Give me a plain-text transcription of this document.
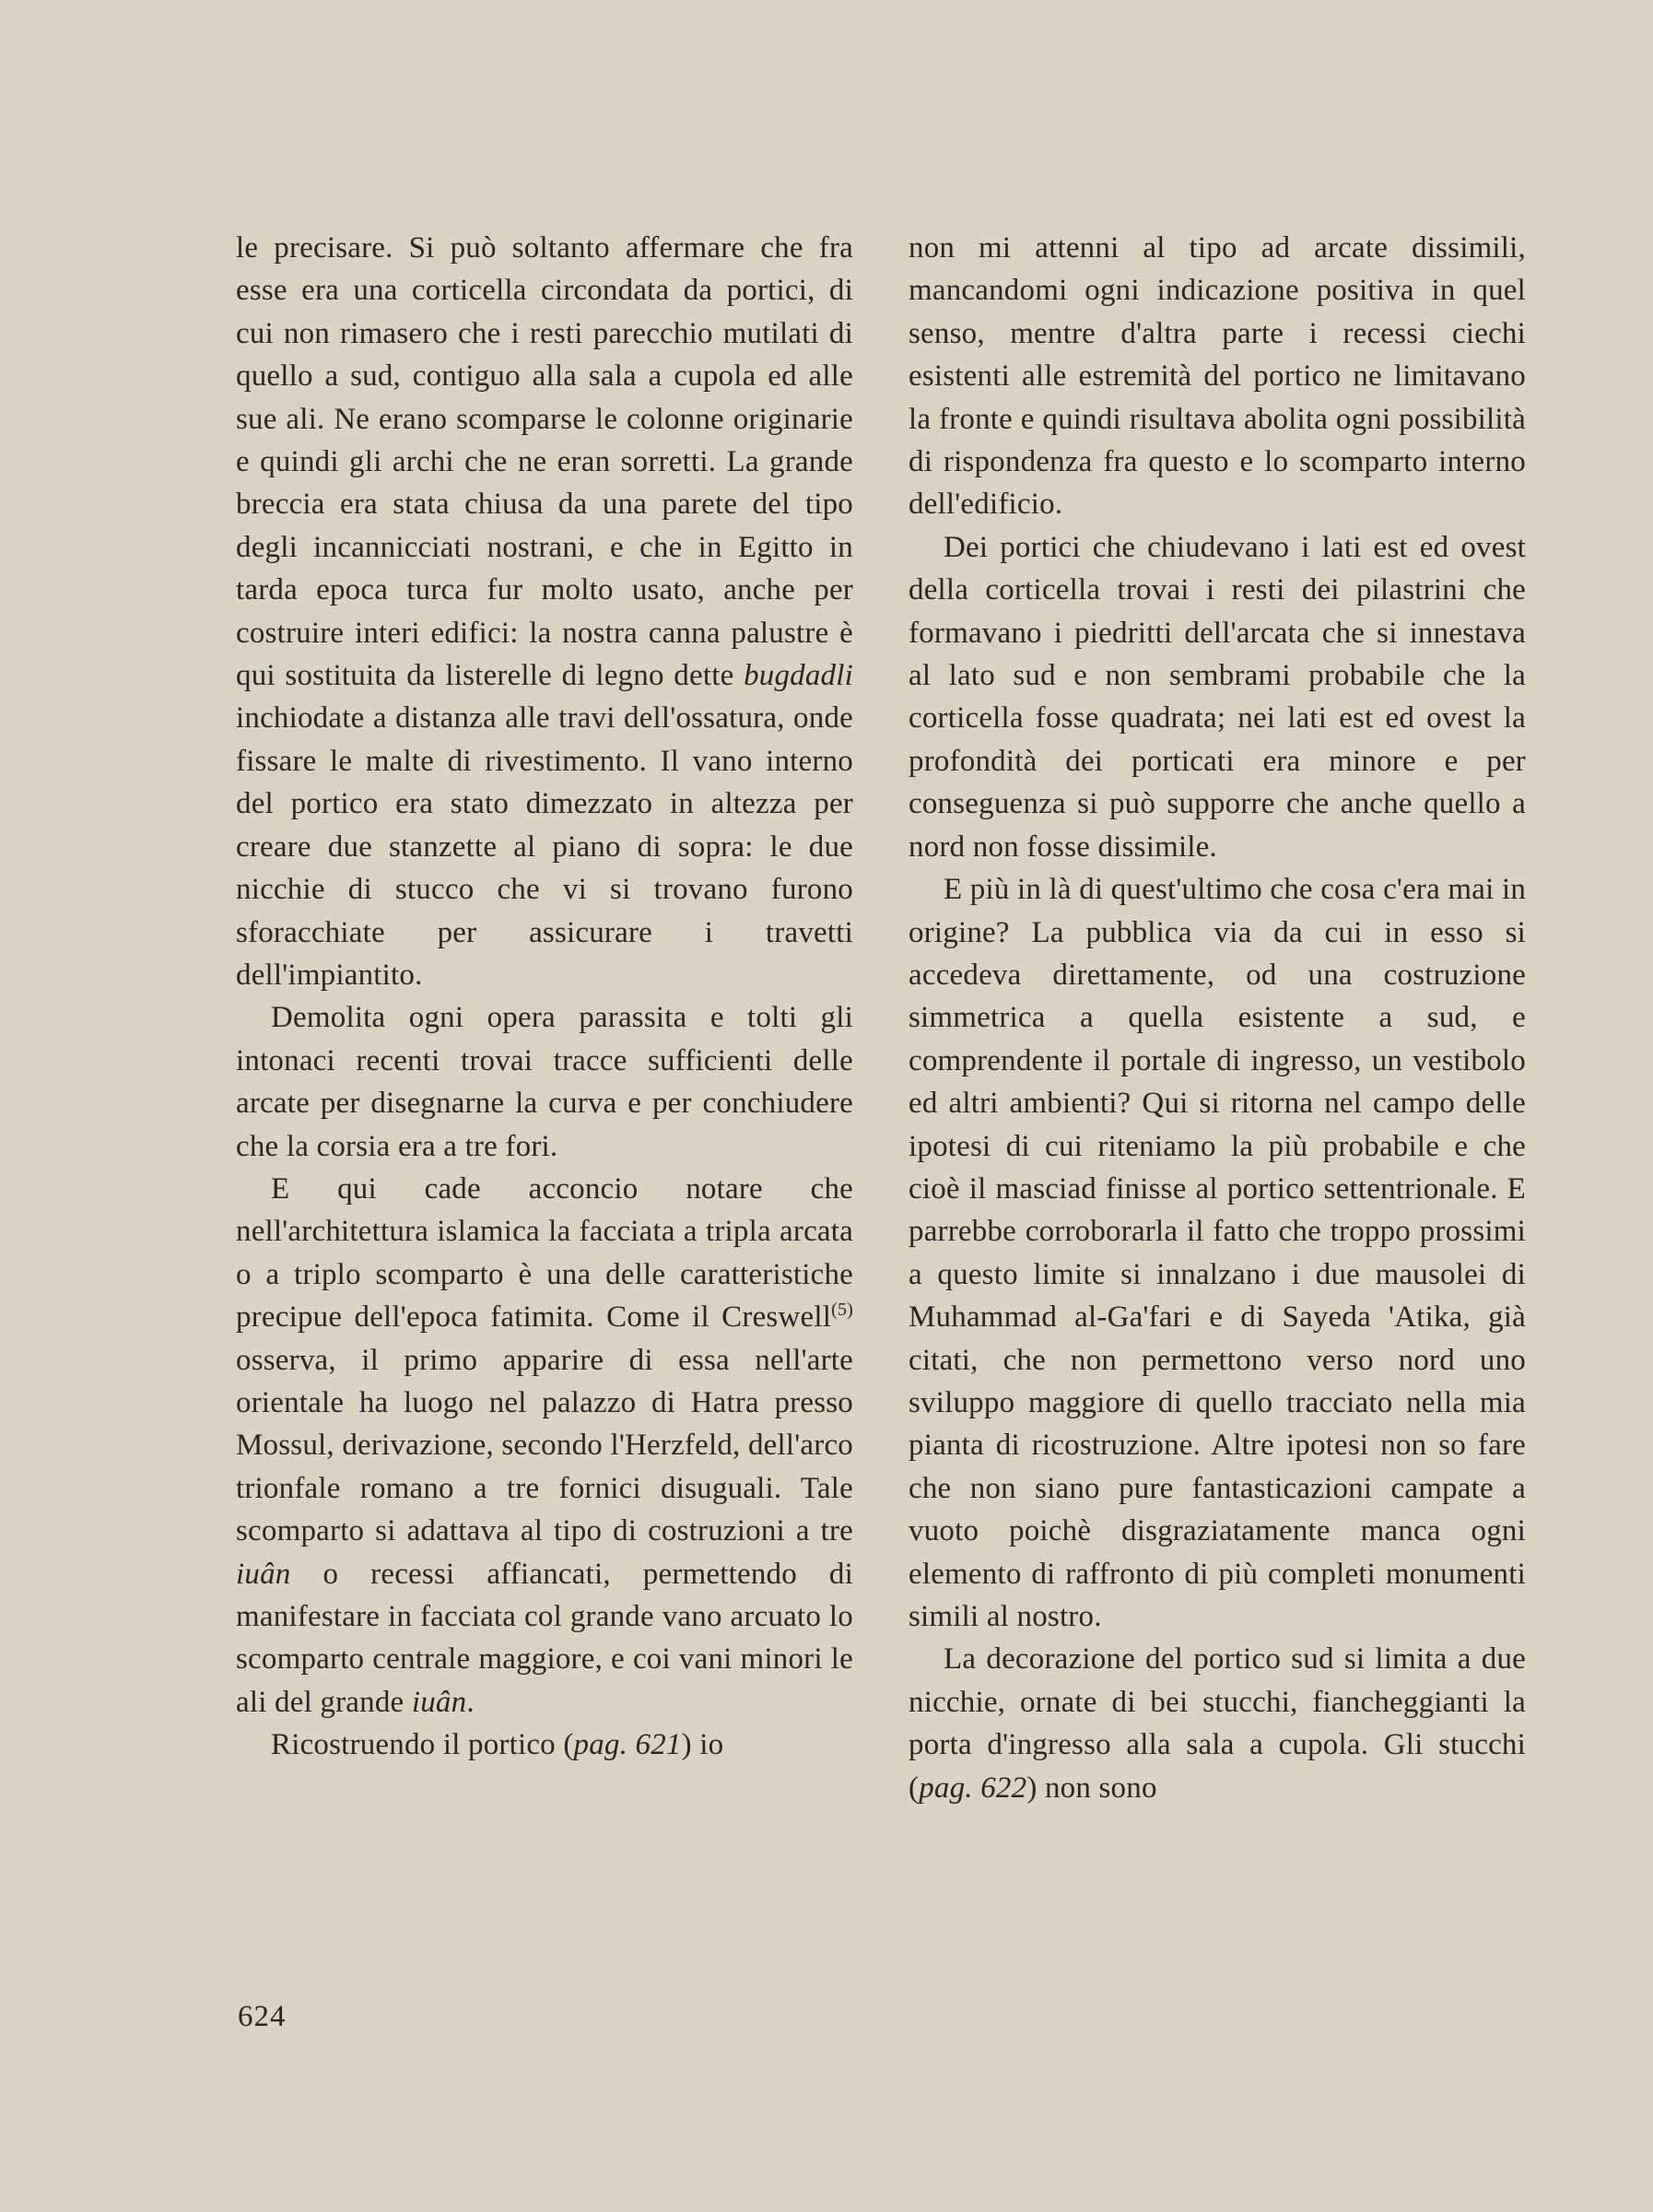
le precisare. Si può soltanto affermare che fra esse era una corticella circondata da portici, di cui non rimasero che i resti parecchio mutilati di quello a sud, contiguo alla sala a cupola ed alle sue ali. Ne erano scomparse le colonne originarie e quindi gli archi che ne eran sorretti. La grande breccia era stata chiusa da una parete del tipo degli incannicciati nostrani, e che in Egitto in tarda epoca turca fur molto usato, anche per costruire interi edifici: la nostra canna palustre è qui sostituita da listerelle di legno dette bugdadli inchiodate a distanza alle travi dell'ossatura, onde fissare le malte di rivestimento. Il vano interno del portico era stato dimezzato in altezza per creare due stanzette al piano di sopra: le due nicchie di stucco che vi si trovano furono sforacchiate per assicurare i travetti dell'impiantito.

Demolita ogni opera parassita e tolti gli intonaci recenti trovai tracce sufficienti delle arcate per disegnarne la curva e per conchiudere che la corsia era a tre fori.

E qui cade acconcio notare che nell'architettura islamica la facciata a tripla arcata o a triplo scomparto è una delle caratteristiche precipue dell'epoca fatimita. Come il Creswell$^{(5)}$ osserva, il primo apparire di essa nell'arte orientale ha luogo nel palazzo di Hatra presso Mossul, derivazione, secondo l'Herzfeld, dell'arco trionfale romano a tre fornici disuguali. Tale scomparto si adattava al tipo di costruzioni a tre iuân o recessi affiancati, permettendo di manifestare in facciata col grande vano arcuato lo scomparto centrale maggiore, e coi vani minori le ali del grande iuân.

Ricostruendo il portico (pag. 621) io

non mi attenni al tipo ad arcate dissimili, mancandomi ogni indicazione positiva in quel senso, mentre d'altra parte i recessi ciechi esistenti alle estremità del portico ne limitavano la fronte e quindi risultava abolita ogni possibilità di rispondenza fra questo e lo scomparto interno dell'edificio.

Dei portici che chiudevano i lati est ed ovest della corticella trovai i resti dei pilastrini che formavano i piedritti dell'arcata che si innestava al lato sud e non sembrami probabile che la corticella fosse quadrata; nei lati est ed ovest la profondità dei porticati era minore e per conseguenza si può supporre che anche quello a nord non fosse dissimile.

E più in là di quest'ultimo che cosa c'era mai in origine? La pubblica via da cui in esso si accedeva direttamente, od una costruzione simmetrica a quella esistente a sud, e comprendente il portale di ingresso, un vestibolo ed altri ambienti? Qui si ritorna nel campo delle ipotesi di cui riteniamo la più probabile e che cioè il masciad finisse al portico settentrionale. E parrebbe corroborarla il fatto che troppo prossimi a questo limite si innalzano i due mausolei di Muhammad al-Ga'fari e di Sayeda 'Atika, già citati, che non permettono verso nord uno sviluppo maggiore di quello tracciato nella mia pianta di ricostruzione. Altre ipotesi non so fare che non siano pure fantasticazioni campate a vuoto poichè disgraziatamente manca ogni elemento di raffronto di più completi monumenti simili al nostro.

La decorazione del portico sud si limita a due nicchie, ornate di bei stucchi, fiancheggianti la porta d'ingresso alla sala a cupola. Gli stucchi (pag. 622) non sono

624
